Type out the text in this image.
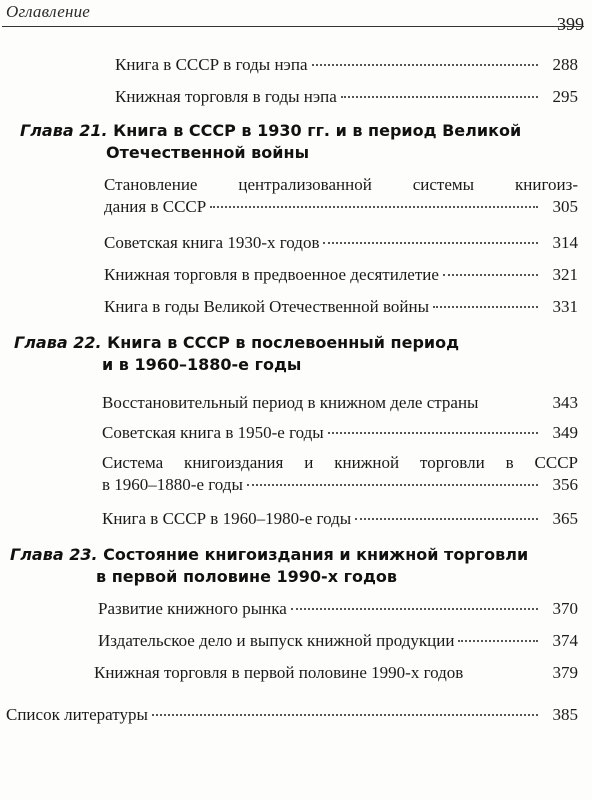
Оглавление
399
Книга в СССР в годы нэпа	288
Книжная торговля в годы нэпа	295
Глава 21. Книга в СССР в 1930 гг. и в период Великой
Отечественной войны
Становление централизованной системы книгоиз-
дания в СССР	305
Советская книга 1930-х годов	314
Книжная торговля в предвоенное десятилетие	321
Книга в годы Великой Отечественной войны	331
Глава 22. Книга в СССР в послевоенный период
и в 1960–1880-е годы
Восстановительный период в книжном деле страны	343
Советская книга в 1950-е годы	349
Система книгоиздания и книжной торговли в СССР
в 1960–1880-е годы	356
Книга в СССР в 1960–1980-е годы	365
Глава 23. Состояние книгоиздания и книжной торговли
в первой половине 1990-х годов
Развитие книжного рынка	370
Издательское дело и выпуск книжной продукции	374
Книжная торговля в первой половине 1990-х годов	379
Список литературы	385
